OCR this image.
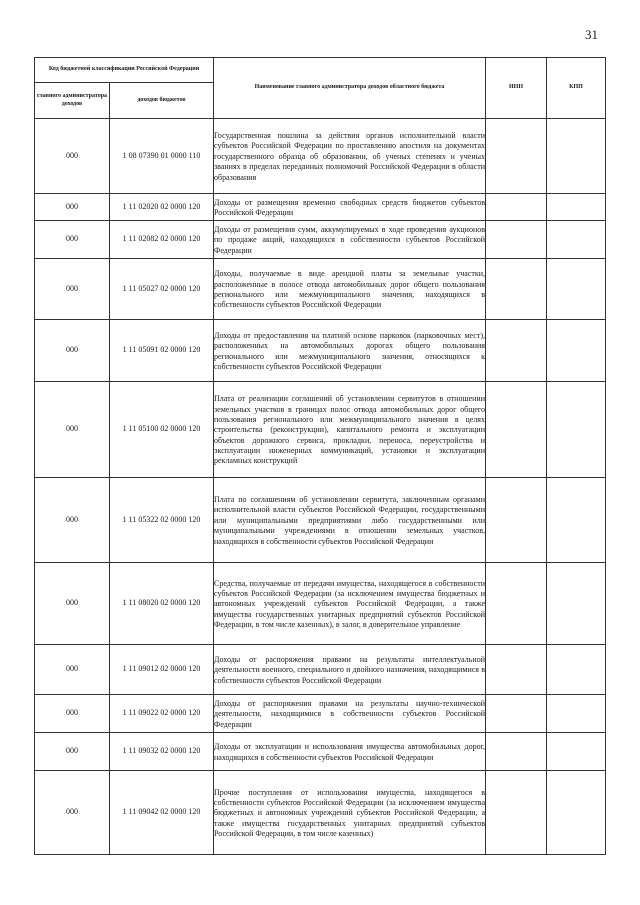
31
Код бюджетной классификации Российской Федерации		Наименование главного администратора доходов областного бюджета	ИНН	КПП
главного администратора доходов	доходов бюджетов			
000	1 08 07390 01 0000 110	Государственная пошлина за действия органов исполнительной власти субъектов Российской Федерации по проставлению апостиля на документах государственного образца об образовании, об ученых степенях и ученых званиях в пределах переданных полномочий Российской Федерации в области образования		

000	1 11 02020 02 0000 120	Доходы от размещения временно свободных средств бюджетов субъектов Российской Федерации		

000	1 11 02082 02 0000 120	Доходы от размещения сумм, аккумулируемых в ходе проведения аукционов по продаже акций, находящихся в собственности субъектов Российской Федерации		

000	1 11 05027 02 0000 120	Доходы, получаемые в виде арендной платы за земельные участки, расположенные в полосе отвода автомобильных дорог общего пользования регионального или межмуниципального значения, находящихся в собственности субъектов Российской Федерации		

000	1 11 05091 02 0000 120	Доходы от предоставления на платной основе парковок (парковочных мест), расположенных на автомобильных дорогах общего пользования регионального или межмуниципального значения, относящихся к собственности субъектов Российской Федерации		

000	1 11 05100 02 0000 120	Плата от реализации соглашений об установлении сервитутов в отношении земельных участков в границах полос отвода автомобильных дорог общего пользования регионального или межмуниципального значения в целях строительства (реконструкции), капитального ремонта и эксплуатации объектов дорожного сервиса, прокладки, переноса, переустройства и эксплуатации инженерных коммуникаций, установки и эксплуатации рекламных конструкций		

000	1 11 05322 02 0000 120	Плата по соглашениям об установлении сервитута, заключенным органами исполнительной власти субъектов Российской Федерации, государственными или муниципальными предприятиями либо государственными или муниципальными учреждениями в отношении земельных участков, находящихся в собственности субъектов Российской Федерации		

000	1 11 08020 02 0000 120	Средства, получаемые от передачи имущества, находящегося в собственности субъектов Российской Федерации (за исключением имущества бюджетных и автономных учреждений субъектов Российской Федерации, а также имущества государственных унитарных предприятий субъектов Российской Федерации, в том числе казенных), в залог, в доверительное управление		

000	1 11 09012 02 0000 120	Доходы от распоряжения правами на результаты интеллектуальной деятельности военного, специального и двойного назначения, находящимися в собственности субъектов Российской Федерации		

000	1 11 09022 02 0000 120	Доходы от распоряжения правами на результаты научно-технической деятельности, находящимися в собственности субъектов Российской Федерации		

000	1 11 09032 02 0000 120	Доходы от эксплуатации и использования имущества автомобильных дорог, находящихся в собственности субъектов Российской Федерации		

000	1 11 09042 02 0000 120	Прочие поступления от использования имущества, находящегося в собственности субъектов Российской Федерации (за исключением имущества бюджетных и автономных учреждений субъектов Российской Федерации, а также имущества государственных унитарных предприятий субъектов Российской Федерации, в том числе казенных)		
